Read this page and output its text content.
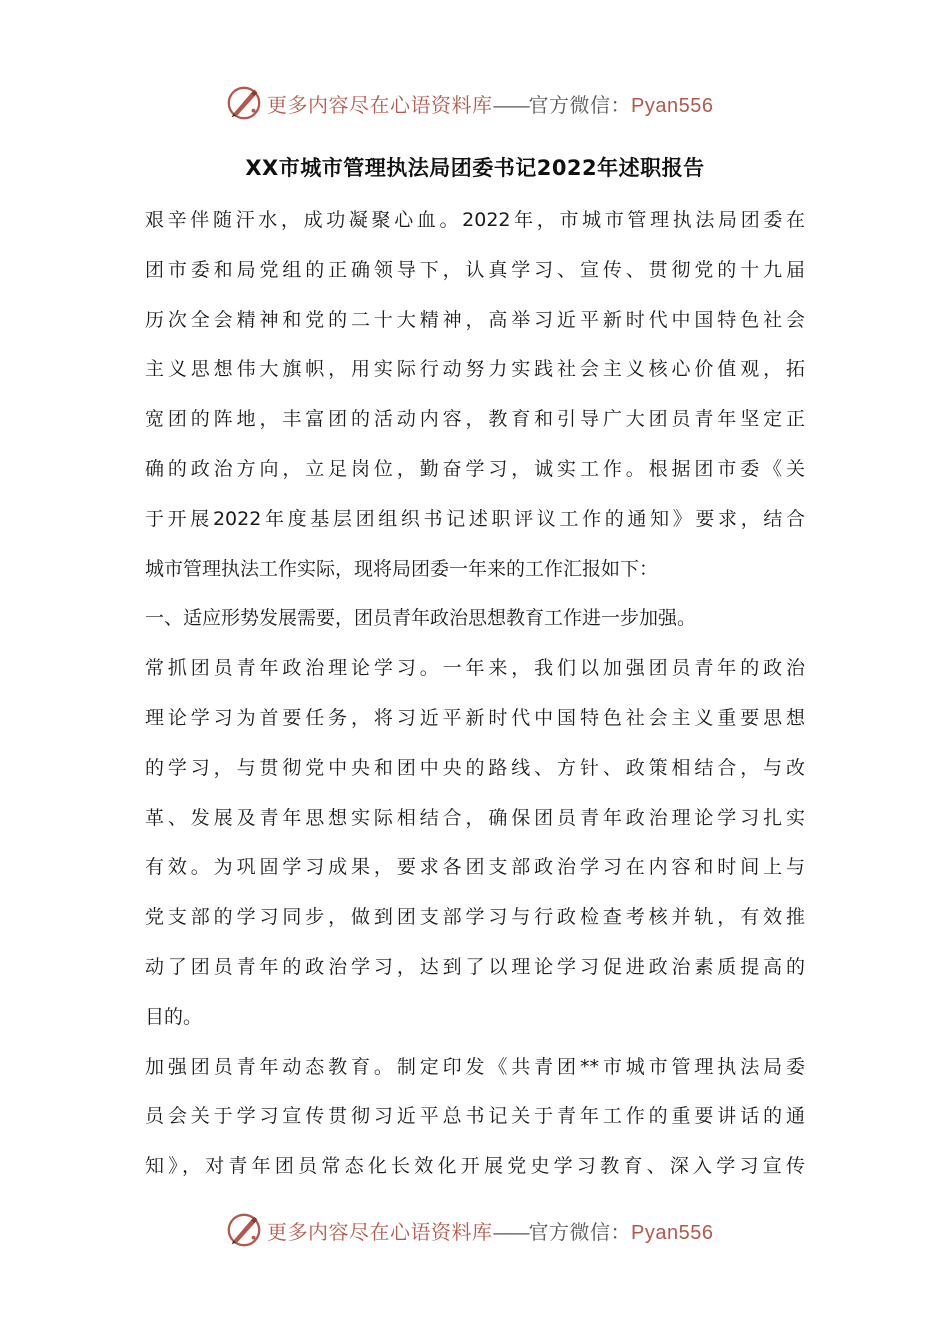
更多内容尽在心语资料库——官方微信：Pyan556
XX市城市管理执法局团委书记2022年述职报告
艰辛伴随汗水，成功凝聚心血。2022年，市城市管理执法局团委在
团市委和局党组的正确领导下，认真学习、宣传、贯彻党的十九届
历次全会精神和党的二十大精神，高举习近平新时代中国特色社会
主义思想伟大旗帜，用实际行动努力实践社会主义核心价值观，拓
宽团的阵地，丰富团的活动内容，教育和引导广大团员青年坚定正
确的政治方向，立足岗位，勤奋学习，诚实工作。根据团市委《关
于开展2022年度基层团组织书记述职评议工作的通知》要求，结合
城市管理执法工作实际，现将局团委一年来的工作汇报如下：
一、适应形势发展需要，团员青年政治思想教育工作进一步加强。
常抓团员青年政治理论学习。一年来，我们以加强团员青年的政治
理论学习为首要任务，将习近平新时代中国特色社会主义重要思想
的学习，与贯彻党中央和团中央的路线、方针、政策相结合，与改
革、发展及青年思想实际相结合，确保团员青年政治理论学习扎实
有效。为巩固学习成果，要求各团支部政治学习在内容和时间上与
党支部的学习同步，做到团支部学习与行政检查考核并轨，有效推
动了团员青年的政治学习，达到了以理论学习促进政治素质提高的
目的。
加强团员青年动态教育。制定印发《共青团**市城市管理执法局委
员会关于学习宣传贯彻习近平总书记关于青年工作的重要讲话的通
知》，对青年团员常态化长效化开展党史学习教育、深入学习宣传
更多内容尽在心语资料库——官方微信：Pyan556
